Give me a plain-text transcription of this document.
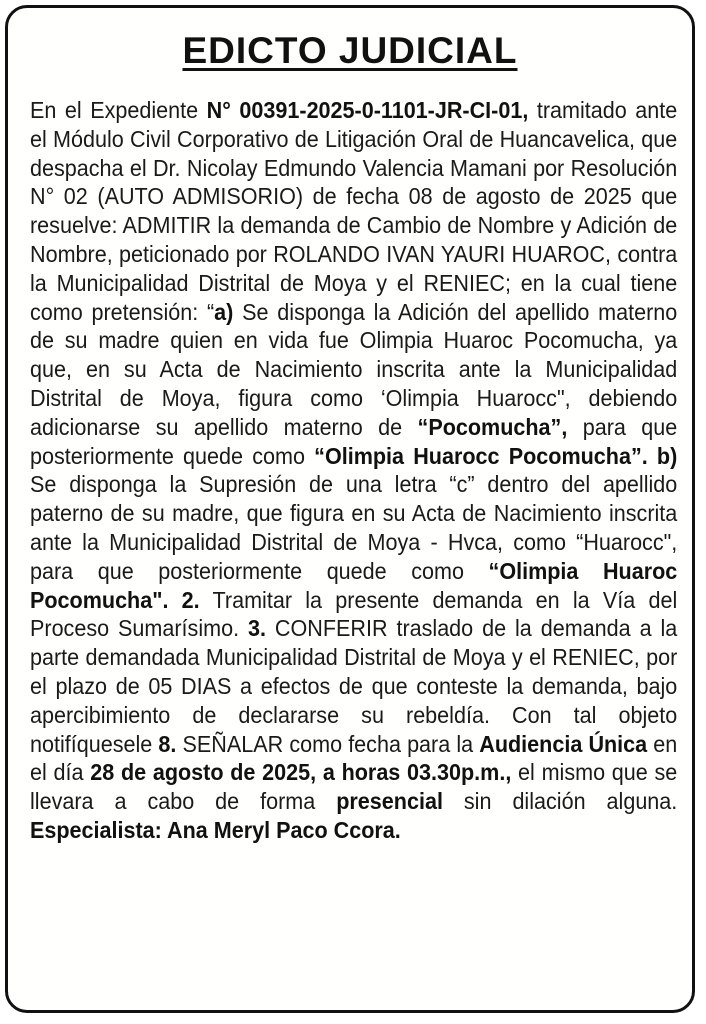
EDICTO JUDICIAL
En el Expediente N° 00391-2025-0-1101-JR-CI-01, tramitado ante el Módulo Civil Corporativo de Litigación Oral de Huancavelica, que despacha el Dr. Nicolay Edmundo Valencia Mamani por Resolución N° 02 (AUTO ADMISORIO) de fecha 08 de agosto de 2025 que resuelve: ADMITIR la demanda de Cambio de Nombre y Adición de Nombre, peticionado por ROLANDO IVAN YAURI HUAROC, contra la Municipalidad Distrital de Moya y el RENIEC; en la cual tiene como pretensión: “a) Se disponga la Adición del apellido materno de su madre quien en vida fue Olimpia Huaroc Pocomucha, ya que, en su Acta de Nacimiento inscrita ante la Municipalidad Distrital de Moya, figura como ‘Olimpia Huarocc", debiendo adicionarse su apellido materno de “Pocomucha”, para que posteriormente quede como “Olimpia Huarocc Pocomucha”. b) Se disponga la Supresión de una letra “c” dentro del apellido paterno de su madre, que figura en su Acta de Nacimiento inscrita ante la Municipalidad Distrital de Moya - Hvca, como “Huarocc", para que posteriormente quede como “Olimpia Huaroc Pocomucha". 2. Tramitar la presente demanda en la Vía del Proceso Sumarísimo. 3. CONFERIR traslado de la demanda a la parte demandada Municipalidad Distrital de Moya y el RENIEC, por el plazo de 05 DIAS a efectos de que conteste la demanda, bajo apercibimiento de declararse su rebeldía. Con tal objeto notifíquesele 8. SEÑALAR como fecha para la Audiencia Única en el día 28 de agosto de 2025, a horas 03.30p.m., el mismo que se llevara a cabo de forma presencial sin dilación alguna. Especialista: Ana Meryl Paco Ccora.
